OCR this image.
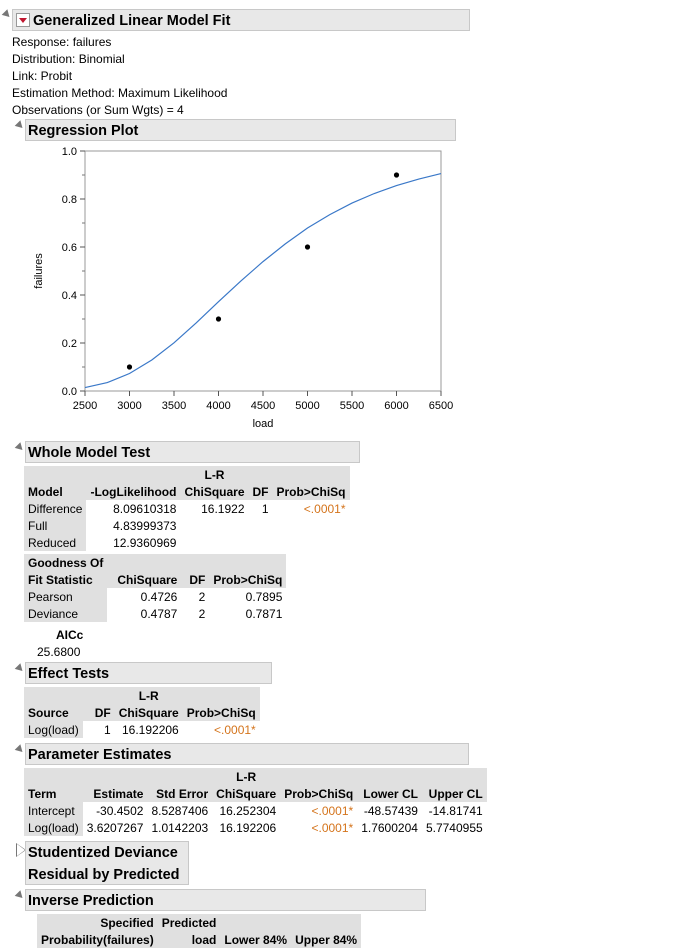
Generalized Linear Model Fit
Response: failures
Distribution: Binomial
Link: Probit
Estimation Method: Maximum Likelihood
Observations (or Sum Wgts) = 4
Regression Plot
0.0
0.2
0.4
0.6
0.8
1.0
2500 3000 3500 4000 4500 5000 5500 6000 6500
load
failures
Whole Model Test
		L-R		
Model	-LogLikelihood	ChiSquare	DF	Prob>ChiSq
Difference	8.09610318	16.1922	1	<.0001*
Full	4.83999373			
Reduced	12.9360969			
Goodness Of			
Fit Statistic	ChiSquare	DF	Prob>ChiSq
Pearson	0.4726	2	0.7895
Deviance	0.4787	2	0.7871
AICc
25.6800
Effect Tests
		L-R	
Source	DF	ChiSquare	Prob>ChiSq
Log(load)	1	16.192206	<.0001*
Parameter Estimates
			L-R			
Term	Estimate	Std Error	ChiSquare	Prob>ChiSq	Lower CL	Upper CL
Intercept	-30.4502	8.5287406	16.252304	<.0001*	-48.57439	-14.81741
Log(load)	3.6207267	1.0142203	16.192206	<.0001*	1.7600204	5.7740955
Studentized Deviance
Residual by Predicted
Inverse Prediction
Specified	Predicted		
Probability(failures)	load	Lower 84%	Upper 84%
